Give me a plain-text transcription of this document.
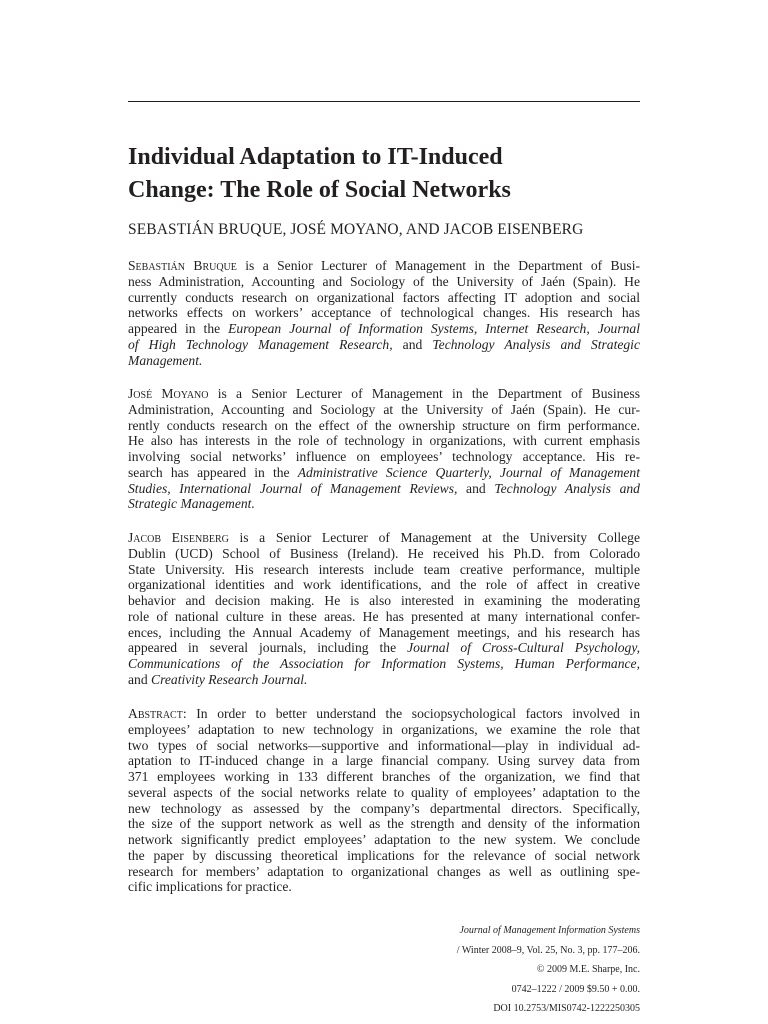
Individual Adaptation to IT-Induced
Change: The Role of Social Networks
SEBASTIÁN BRUQUE, JOSÉ MOYANO, AND JACOB EISENBERG
Sebastián Bruque is a Senior Lecturer of Management in the Department of Busi-
ness Administration, Accounting and Sociology of the University of Jaén (Spain). He
currently conducts research on organizational factors affecting IT adoption and social
networks effects on workers’ acceptance of technological changes. His research has
appeared in the European Journal of Information Systems, Internet Research, Journal
of High Technology Management Research, and Technology Analysis and Strategic
Management.
José Moyano is a Senior Lecturer of Management in the Department of Business
Administration, Accounting and Sociology at the University of Jaén (Spain). He cur-
rently conducts research on the effect of the ownership structure on firm performance.
He also has interests in the role of technology in organizations, with current emphasis
involving social networks’ influence on employees’ technology acceptance. His re-
search has appeared in the Administrative Science Quarterly, Journal of Management
Studies, International Journal of Management Reviews, and Technology Analysis and
Strategic Management.
Jacob Eisenberg is a Senior Lecturer of Management at the University College
Dublin (UCD) School of Business (Ireland). He received his Ph.D. from Colorado
State University. His research interests include team creative performance, multiple
organizational identities and work identifications, and the role of affect in creative
behavior and decision making. He is also interested in examining the moderating
role of national culture in these areas. He has presented at many international confer-
ences, including the Annual Academy of Management meetings, and his research has
appeared in several journals, including the Journal of Cross-Cultural Psychology,
Communications of the Association for Information Systems, Human Performance,
and Creativity Research Journal.
Abstract: In order to better understand the sociopsychological factors involved in
employees’ adaptation to new technology in organizations, we examine the role that
two types of social networks—supportive and informational—play in individual ad-
aptation to IT-induced change in a large financial company. Using survey data from
371 employees working in 133 different branches of the organization, we find that
several aspects of the social networks relate to quality of employees’ adaptation to the
new technology as assessed by the company’s departmental directors. Specifically,
the size of the support network as well as the strength and density of the information
network significantly predict employees’ adaptation to the new system. We conclude
the paper by discussing theoretical implications for the relevance of social network
research for members’ adaptation to organizational changes as well as outlining spe-
cific implications for practice.
Journal of Management Information Systems
/ Winter 2008–9, Vol. 25, No. 3, pp. 177–206.
© 2009 M.E. Sharpe, Inc.
0742–1222 / 2009 $9.50 + 0.00.
DOI 10.2753/MIS0742-1222250305
